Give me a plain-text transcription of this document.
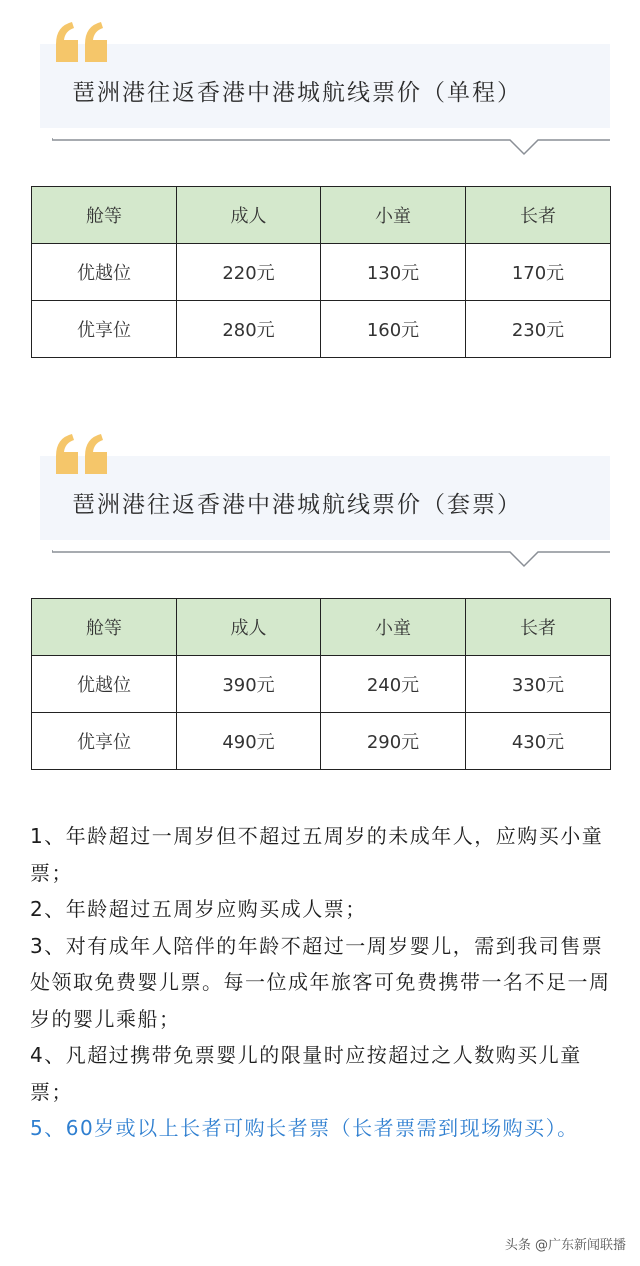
琶洲港往返香港中港城航线票价（单程）
舱等	成人	小童	长者
优越位	220元	130元	170元
优享位	280元	160元	230元
琶洲港往返香港中港城航线票价（套票）
舱等	成人	小童	长者
优越位	390元	240元	330元
优享位	490元	290元	430元

1、年龄超过一周岁但不超过五周岁的未成年人，应购买小童票；

2、年龄超过五周岁应购买成人票；

3、对有成年人陪伴的年龄不超过一周岁婴儿，需到我司售票处领取免费婴儿票。每一位成年旅客可免费携带一名不足一周岁的婴儿乘船；

4、凡超过携带免票婴儿的限量时应按超过之人数购买儿童票；

5、60岁或以上长者可购长者票（长者票需到现场购买）。

头条 @广东新闻联播
